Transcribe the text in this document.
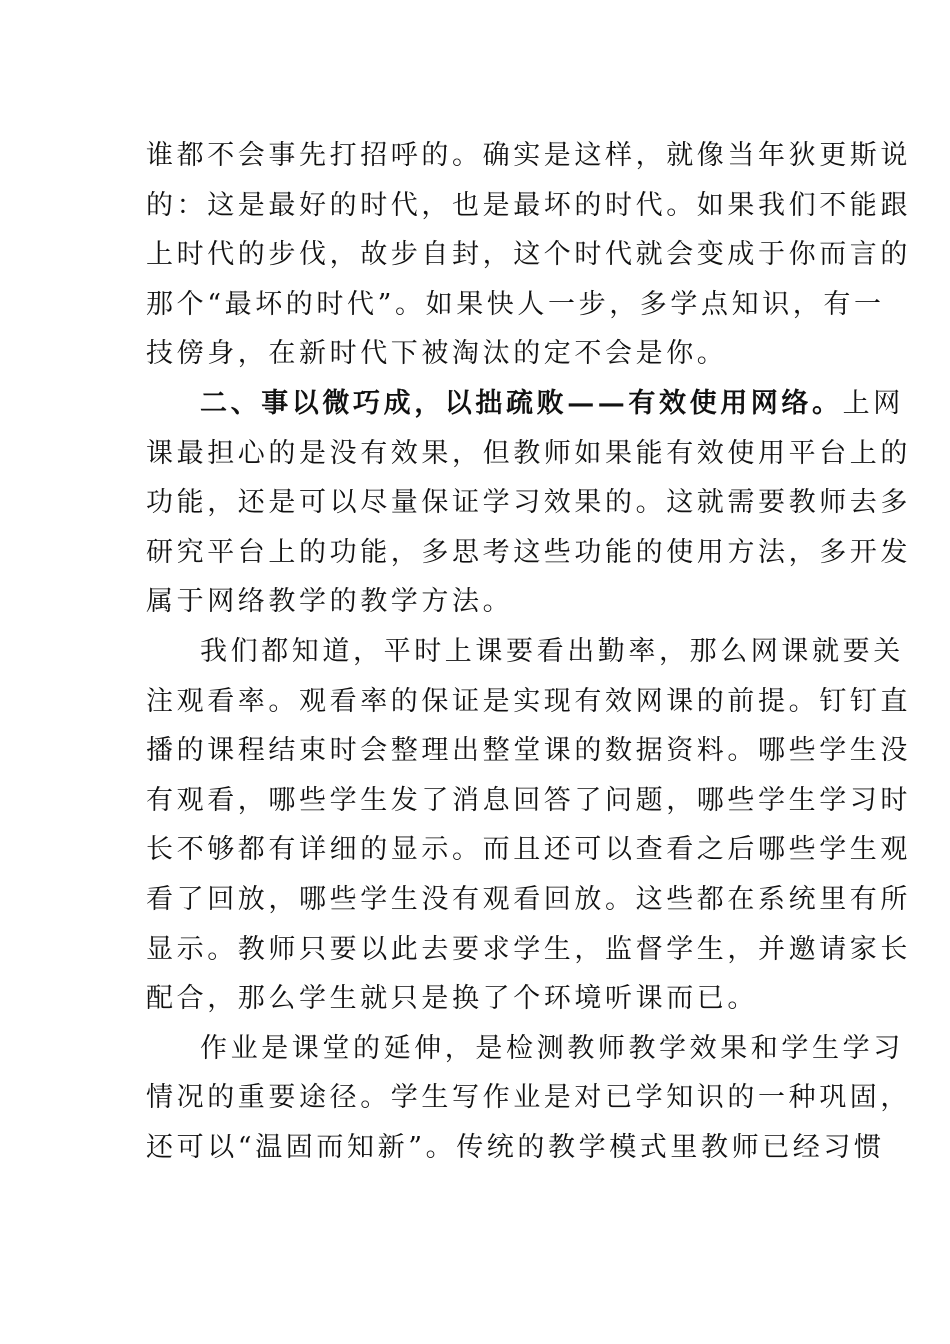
谁都不会事先打招呼的。确实是这样，就像当年狄更斯说
的：这是最好的时代，也是最坏的时代。如果我们不能跟
上时代的步伐，故步自封，这个时代就会变成于你而言的
那个“最坏的时代”。如果快人一步，多学点知识，有一
技傍身，在新时代下被淘汰的定不会是你。
二、事以微巧成，以拙疏败——有效使用网络。上网
课最担心的是没有效果，但教师如果能有效使用平台上的
功能，还是可以尽量保证学习效果的。这就需要教师去多
研究平台上的功能，多思考这些功能的使用方法，多开发
属于网络教学的教学方法。
我们都知道，平时上课要看出勤率，那么网课就要关
注观看率。观看率的保证是实现有效网课的前提。钉钉直
播的课程结束时会整理出整堂课的数据资料。哪些学生没
有观看，哪些学生发了消息回答了问题，哪些学生学习时
长不够都有详细的显示。而且还可以查看之后哪些学生观
看了回放，哪些学生没有观看回放。这些都在系统里有所
显示。教师只要以此去要求学生，监督学生，并邀请家长
配合，那么学生就只是换了个环境听课而已。
作业是课堂的延伸，是检测教师教学效果和学生学习
情况的重要途径。学生写作业是对已学知识的一种巩固，
还可以“温固而知新”。传统的教学模式里教师已经习惯
